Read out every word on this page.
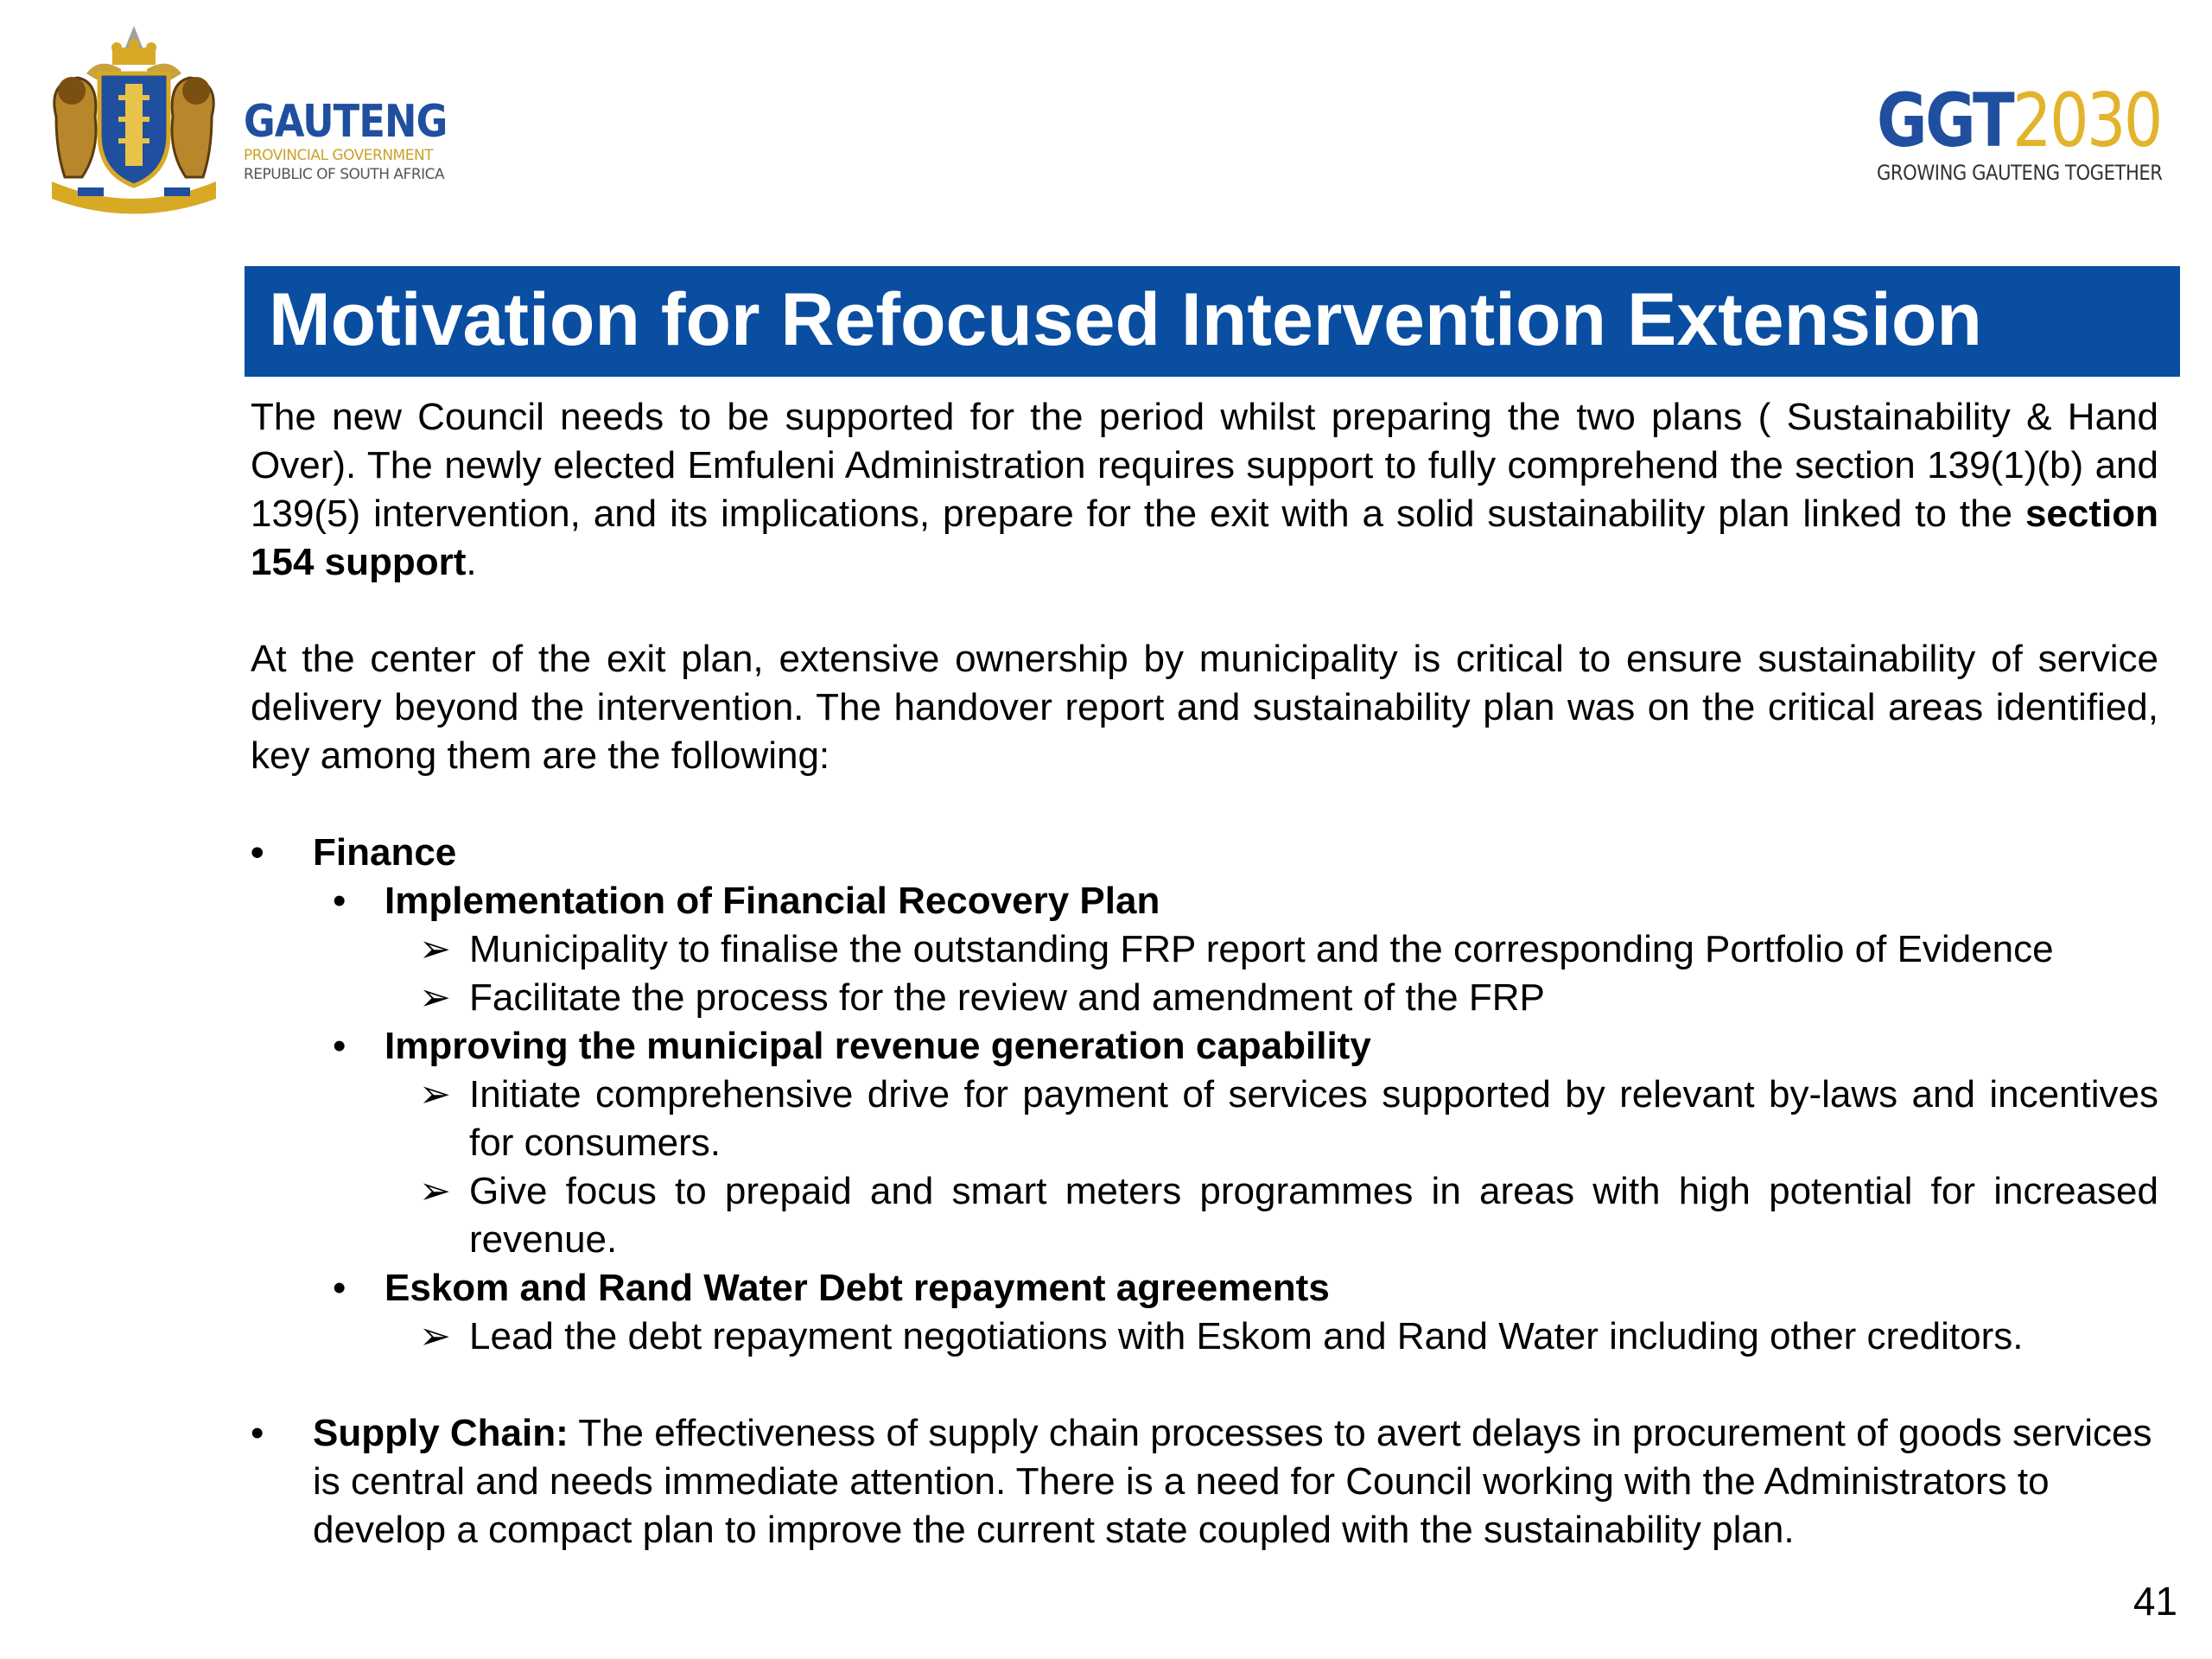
GAUTENG
PROVINCIAL GOVERNMENT
REPUBLIC OF SOUTH AFRICA
GGT2030
GROWING GAUTENG TOGETHER
Motivation for Refocused Intervention Extension

The new Council needs to be supported for the period whilst preparing the two plans ( Sustainability & Hand Over). The newly elected Emfuleni Administration requires support to fully comprehend the section 139(1)(b) and 139(5) intervention, and its implications, prepare for the exit with a solid sustainability plan linked to the section 154 support.

At the center of the exit plan, extensive ownership by municipality is critical to ensure sustainability of service delivery beyond the intervention. The handover report and sustainability plan was on the critical areas identified, key among them are the following:

• Finance

• Implementation of Financial Recovery Plan

➢ Municipality to finalise the outstanding FRP report and the corresponding Portfolio of Evidence

➢ Facilitate the process for the review and amendment of the FRP

• Improving the municipal revenue generation capability

➢ Initiate comprehensive drive for payment of services supported by relevant by-laws and incentives for consumers.

➢ Give focus to prepaid and smart meters programmes in areas with high potential for increased revenue.

• Eskom and Rand Water Debt repayment agreements

➢ Lead the debt repayment negotiations with Eskom and Rand Water including other creditors.

• Supply Chain: The effectiveness of supply chain processes to avert delays in procurement of goods services is central and needs immediate attention. There is a need for Council working with the Administrators to develop a compact plan to improve the current state coupled with the sustainability plan.

41
